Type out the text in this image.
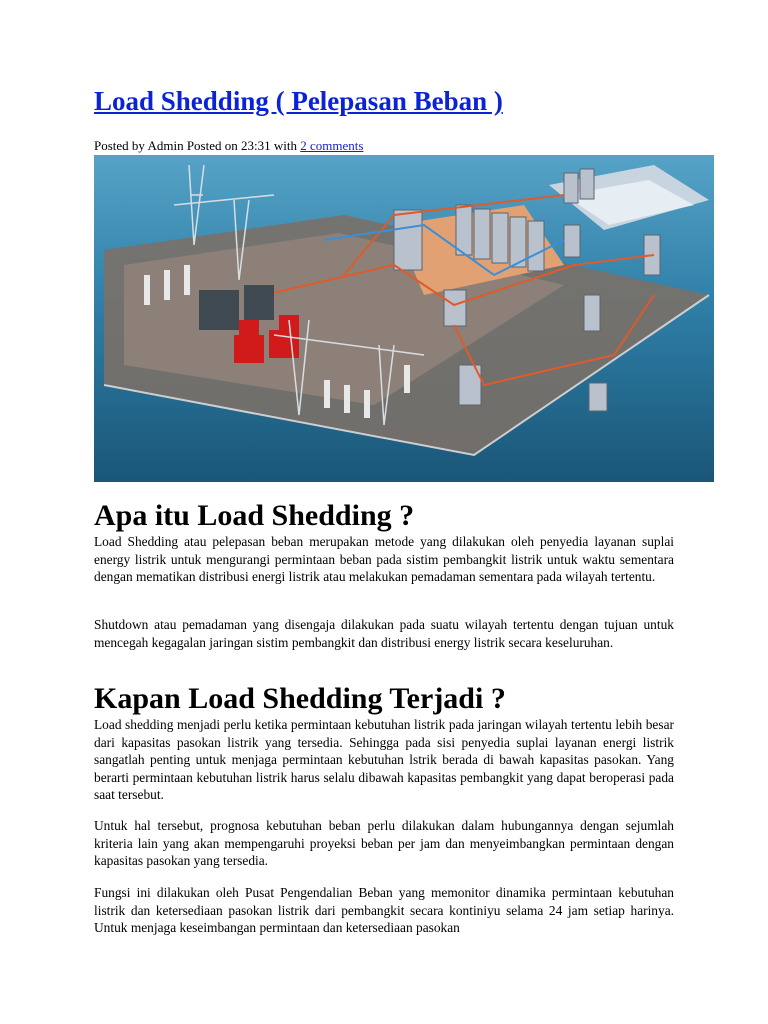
Load Shedding ( Pelepasan Beban )
Posted by Admin Posted on 23:31 with 2 comments
Apa itu Load Shedding ?

Load Shedding atau pelepasan beban merupakan metode yang dilakukan oleh penyedia layanan suplai energy listrik untuk mengurangi permintaan beban pada sistim pembangkit listrik untuk waktu sementara dengan mematikan distribusi energi listrik atau melakukan pemadaman sementara pada wilayah tertentu.

Shutdown atau pemadaman yang disengaja dilakukan pada suatu wilayah tertentu dengan tujuan untuk mencegah kegagalan jaringan sistim pembangkit dan distribusi energy listrik secara keseluruhan.

Kapan Load Shedding Terjadi ?

Load shedding menjadi perlu ketika permintaan kebutuhan listrik pada jaringan wilayah tertentu lebih besar dari kapasitas pasokan listrik yang tersedia. Sehingga pada sisi penyedia suplai layanan energi listrik sangatlah penting untuk menjaga permintaan kebutuhan lstrik berada di bawah kapasitas pasokan. Yang berarti permintaan kebutuhan listrik harus selalu dibawah kapasitas pembangkit yang dapat beroperasi pada saat tersebut.

Untuk hal tersebut, prognosa kebutuhan beban perlu dilakukan dalam hubungannya dengan sejumlah kriteria lain yang akan mempengaruhi proyeksi beban per jam dan menyeimbangkan permintaan dengan kapasitas pasokan yang tersedia.

Fungsi ini dilakukan oleh Pusat Pengendalian Beban yang memonitor dinamika permintaan kebutuhan listrik dan ketersediaan pasokan listrik dari pembangkit secara kontiniyu selama 24 jam setiap harinya. Untuk menjaga keseimbangan permintaan dan ketersediaan pasokan
